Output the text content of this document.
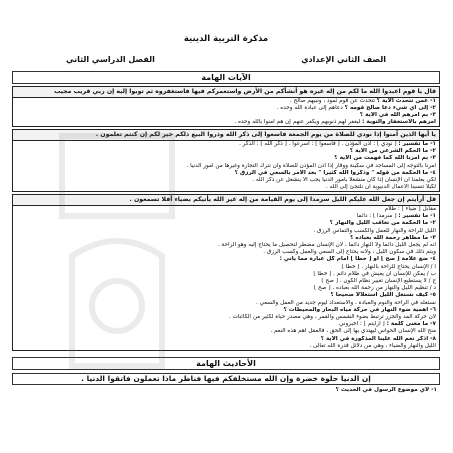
مذكرة التربية الدينية
الصف الثاني الإعدادي
الفصل الدراسي الثاني
الآيات الهامة
قال يا قوم اعبدوا الله ما لكم من إله غيره هو أنشأكم من الأرض واستعمركم فيها فاستغفروه ثم توبوا إليه إن ربي قريب مجيب
١- عمن تتحدث الآية ؟ تتحدث عن قوم ثمود ، ونبيهم صالح .
٢- إلى أي شيء دعا صالح قومه ؟ دعاهم إلى عبادة الله وحده .
٣- بم أمرهم الله في الآية ؟
أمرهم بالاستغفار والتوبة : ليغفر لهم ذنوبهم ويكفر عنهم إن هم آمنوا بالله وحده .
يا أيها الذين آمنوا إذا نودي للصلاة من يوم الجمعة فاسعوا إلى ذكر الله وذروا البيع ذلكم خير لكم إن كنتم تعلمون .
١- ما تفسير : [ نودي ] : أذن المؤذن . [ فاسعوا ] : أسرعوا . [ ذكر الله ] : الذكر .
٢- ما الحكم الشرعي من الآية ؟
٣- بم أمرنا الله كما فهمت من الآية ؟
أمرنا بالتوجه إلى المساجد في سكينة ووقار إذا أذن المؤذن للصلاة وأن نترك التجارة وغيرها من أمور الدنيا .
٤- ما الحكمة من قوله " وذكروا الله كثيرا " بعد الأمر بالسعي في الرزق ؟
لكي يعلمنا أن الإنسان إذا كان منشغلا بأمور الدنيا يجب ألا ينشغل عن ذكر الله .
لكيلا تنسينا الأعمال الدنيوية أن نلتجئ إلى الله .
قل أرأيتم إن جعل الله عليكم الليل سرمدا إلى يوم القيامة من إله غير الله يأتيكم بضياء أفلا تسمعون .
مقابل [ ضياء ] : ظلام
١- ما تفسير : [ سرمدا ] : دائما
٢- ما الحكمة من تعاقب الليل والنهار ؟
الليل للراحة والنهار للعمل والكسب والتماس الرزق .
٣- ما مظاهر رحمة الله بعباده ؟
أنه لم يجعل الليل دائما ولا النهار دائما ، لأن الإنسان مضطر لتحصيل ما يحتاج إليه وهو الراحة .
ويتم ذلك في سكون الليل ، ولأنه يحتاج إلى السعي والعمل وكسب الرزق .
٤- ضع علامة [ صح ] أو [ خطأ ] أمام كل عبارة مما يأتي :
أ / الإنسان يحتاج للراحة بالنهار . [ خطأ ]
ب / يمكن للإنسان أن يعيش في ظلام دائم . [ خطأ ]
ج / لا يستطيع الإنسان تغيير نظام الكون . [ صح ]
د / تنظيم الليل والنهار من رحمة الله بعباده . [ صح ]
٥- كيف نستغل الليل استغلالا صحيحا ؟
نستغله في الراحة والنوم والعبادة ، والاستعداد ليوم جديد من العمل والسعي .
٦- أهمية ضوء النهار في حركة مياه البحار والمحيطات ؟
لأن حركة المد والجزر ترتبط بضوء الشمس والقمر ، وهي مصدر حياة لكثير من الكائنات .
٧- ما معنى كلمة : [ أرأيتم ] : أخبروني
منح الله الإنسان الحواس ليهتدي بها إلى الحق ، فالعقل أهم هذه النعم .
٨- اذكر نعم الله علينا المذكورة في الآية ؟
الليل والنهار والضياء ، وهي من دلائل قدرة الله تعالى .
الأحاديث الهامة
إن الدنيا حلوة خضرة وإن الله مستخلفكم فيها فناظر ماذا تعملون فاتقوا الدنيا .
١- لأي موضوع الرسول في الحديث ؟
